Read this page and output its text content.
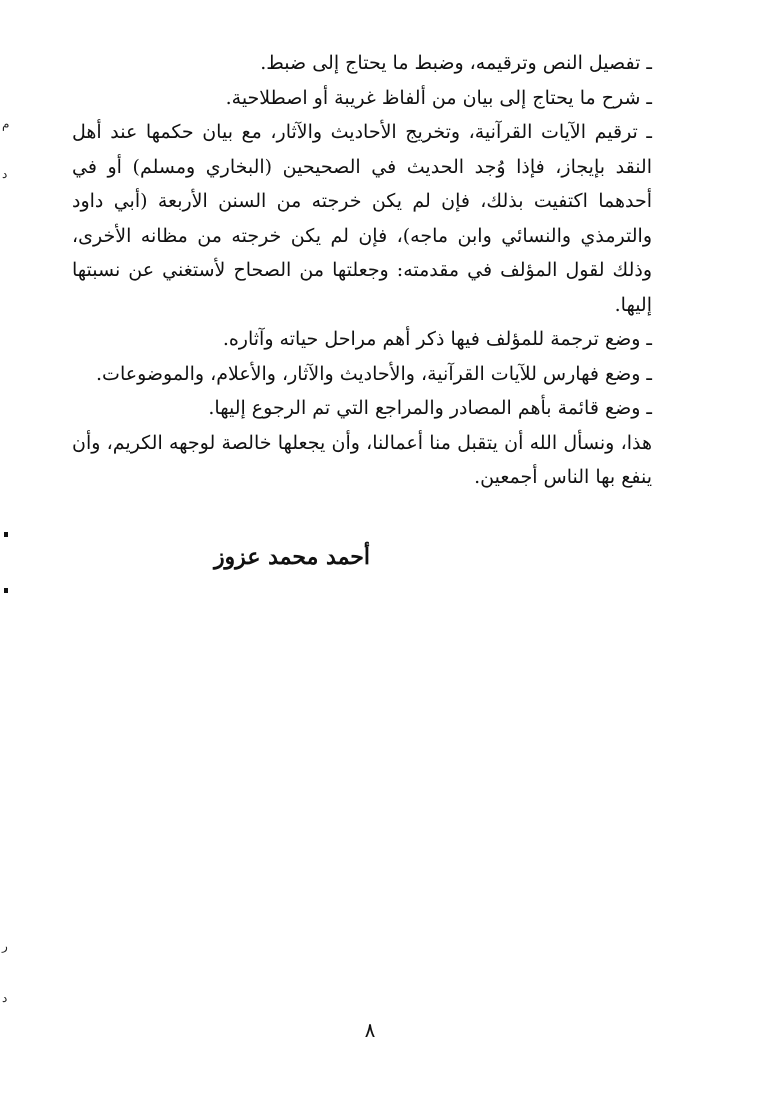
م
د
ر
د

ـ تفصيل النص وترقيمه، وضبط ما يحتاج إلى ضبط.

ـ شرح ما يحتاج إلى بيان من ألفاظ غريبة أو اصطلاحية.

ـ ترقيم الآيات القرآنية، وتخريج الأحاديث والآثار، مع بيان حكمها عند أهل النقد بإيجاز، فإذا وُجد الحديث في الصحيحين (البخاري ومسلم) أو في أحدهما اكتفيت بذلك، فإن لم يكن خرجته من السنن الأربعة (أبي داود والترمذي والنسائي وابن ماجه)، فإن لم يكن خرجته من مظانه الأخرى، وذلك لقول المؤلف في مقدمته: وجعلتها من الصحاح لأستغني عن نسبتها إليها.

ـ وضع ترجمة للمؤلف فيها ذكر أهم مراحل حياته وآثاره.

ـ وضع فهارس للآيات القرآنية، والأحاديث والآثار، والأعلام، والموضوعات.

ـ وضع قائمة بأهم المصادر والمراجع التي تم الرجوع إليها.

هذا، ونسأل الله أن يتقبل منا أعمالنا، وأن يجعلها خالصة لوجهه الكريم، وأن ينفع بها الناس أجمعين.

أحمد محمد عزوز
٨
